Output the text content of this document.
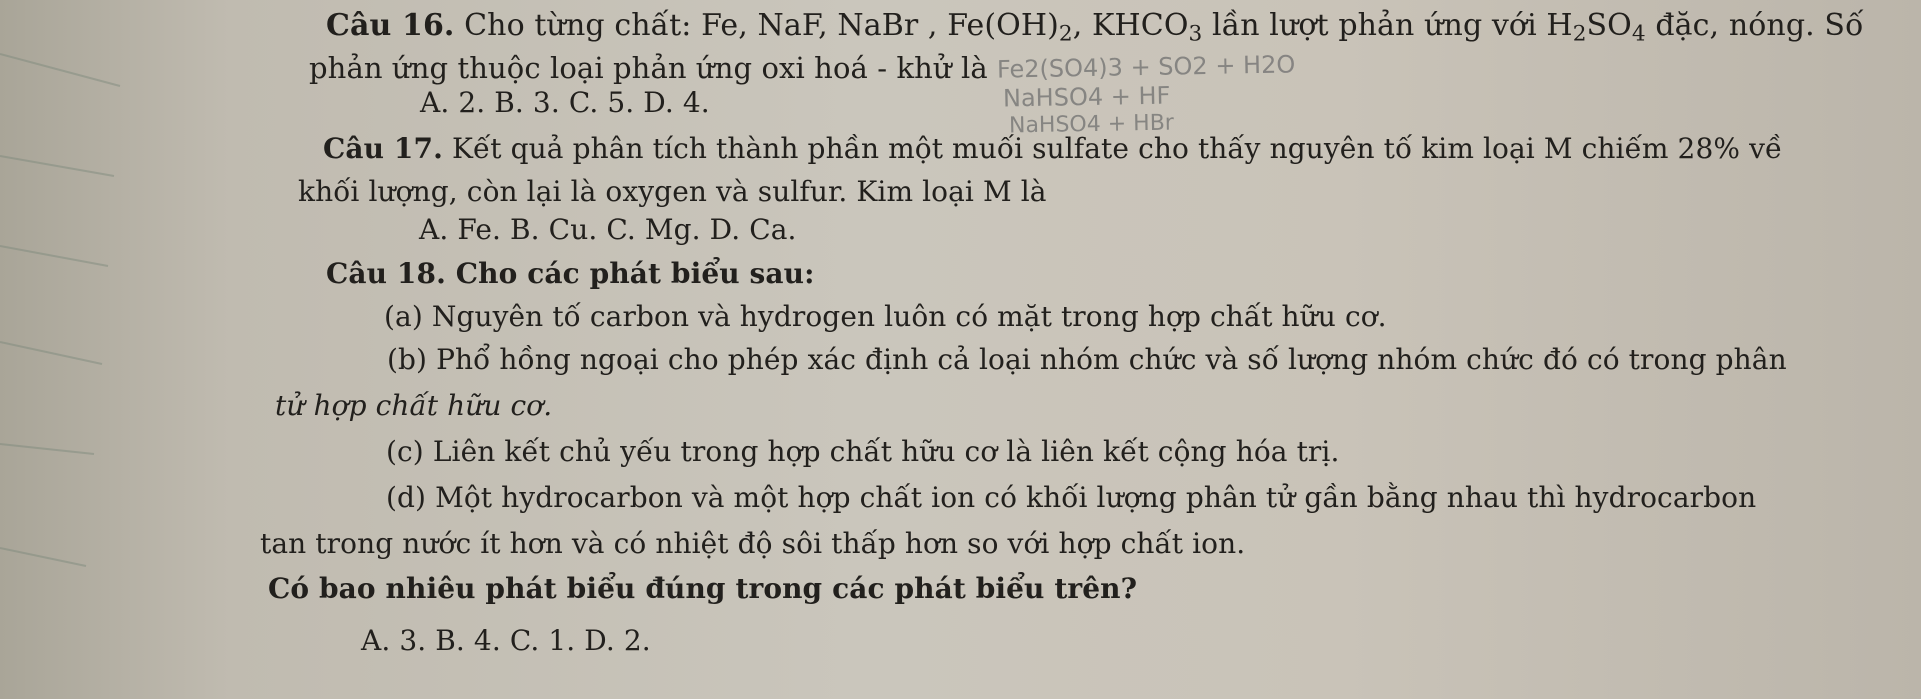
Câu 16. Cho từng chất: Fe, NaF, NaBr , $Fe(OH)_2$, $KHCO_3$ lần lượt phản ứng với $H_2SO_4$ đặc, nóng. Số
phản ứng thuộc loại phản ứng oxi hoá - khử là
A. 2. B. 3. C. 5. D. 4.
Câu 17. Kết quả phân tích thành phần một muối sulfate cho thấy nguyên tố kim loại M chiếm 28% về
khối lượng, còn lại là oxygen và sulfur. Kim loại M là
A. Fe. B. Cu. C. Mg. D. Ca.
Câu 18. Cho các phát biểu sau:
(a) Nguyên tố carbon và hydrogen luôn có mặt trong hợp chất hữu cơ.
(b) Phổ hồng ngoại cho phép xác định cả loại nhóm chức và số lượng nhóm chức đó có trong phân
tử hợp chất hữu cơ.
(c) Liên kết chủ yếu trong hợp chất hữu cơ là liên kết cộng hóa trị.
(d) Một hydrocarbon và một hợp chất ion có khối lượng phân tử gần bằng nhau thì hydrocarbon
tan trong nước ít hơn và có nhiệt độ sôi thấp hơn so với hợp chất ion.
Có bao nhiêu phát biểu đúng trong các phát biểu trên?
A. 3. B. 4. C. 1. D. 2.
Fe2(SO4)3 + SO2 + H2O
NaHSO4 + HF
NaHSO4 + HBr
